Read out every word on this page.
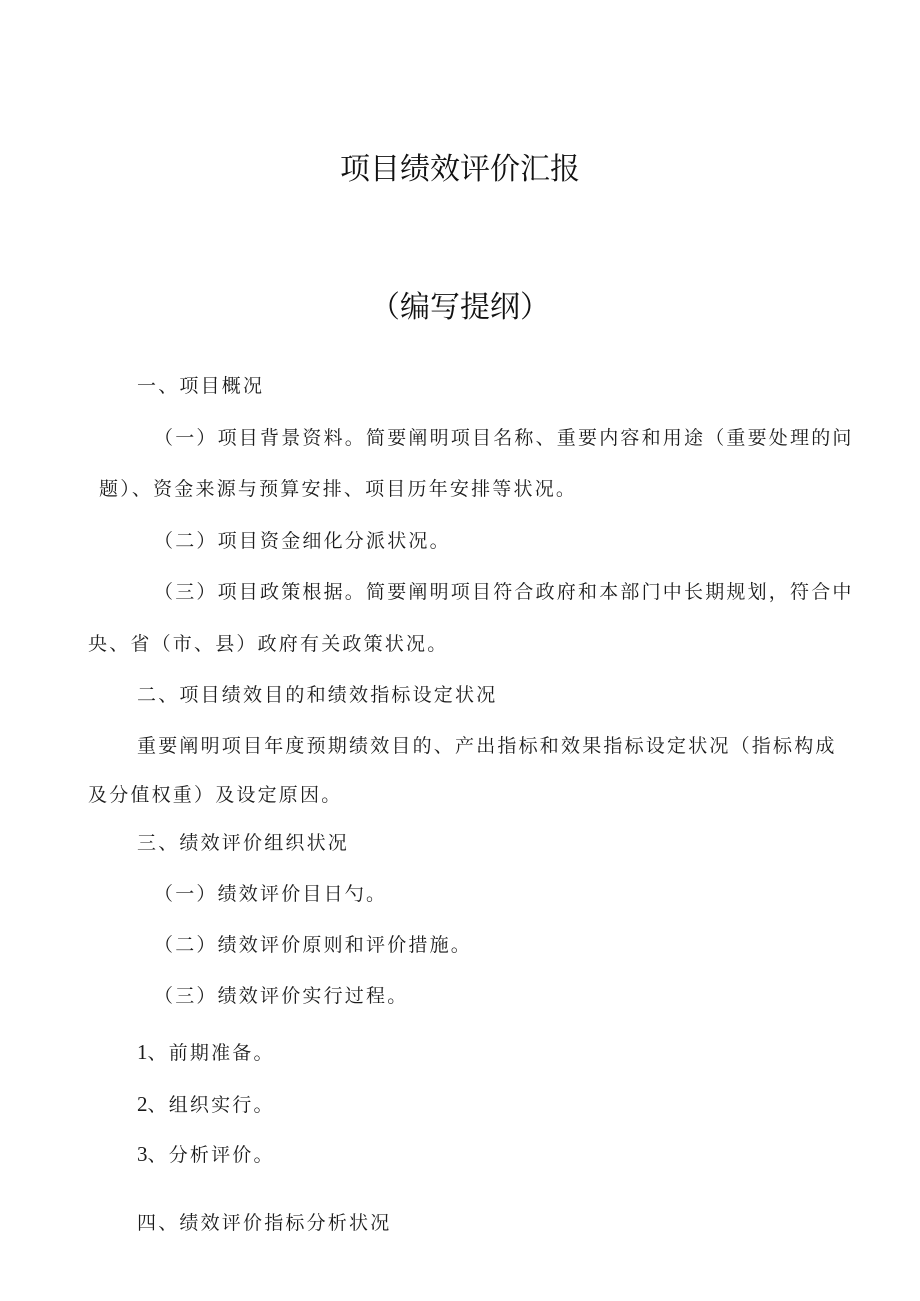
项目绩效评价汇报
（编写提纲）

一、项目概况

（一）项目背景资料。简要阐明项目名称、重要内容和用途（重要处理的问

题）、资金来源与预算安排、项目历年安排等状况。

（二）项目资金细化分派状况。

（三）项目政策根据。简要阐明项目符合政府和本部门中长期规划，符合中

央、省（市、县）政府有关政策状况。

二、项目绩效目的和绩效指标设定状况

重要阐明项目年度预期绩效目的、产出指标和效果指标设定状况（指标构成

及分值权重）及设定原因。

三、绩效评价组织状况

（一）绩效评价目日勺。

（二）绩效评价原则和评价措施。

（三）绩效评价实行过程。

1、前期准备。

2、组织实行。

3、分析评价。

四、绩效评价指标分析状况
